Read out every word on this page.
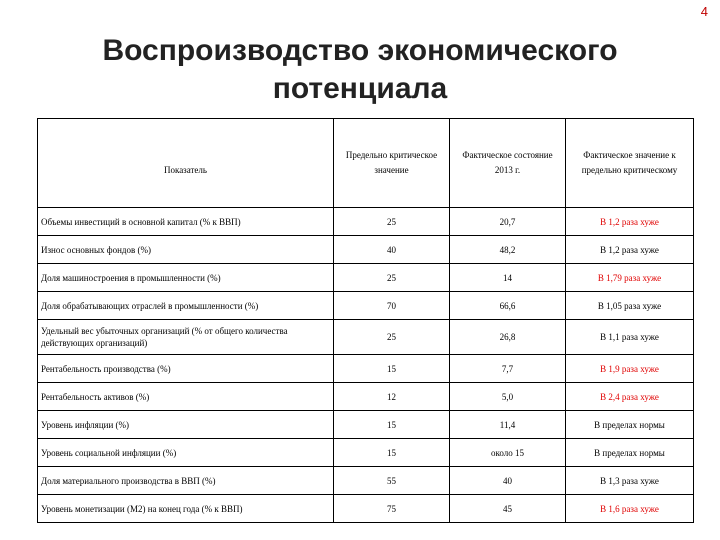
4
Воспроизводство экономического
потенциала
Показатель	Предельно критическое значение	Фактическое состояние 2013 г.	Фактическое значение к предельно критическому
Объемы инвестиций в основной капитал (% к ВВП)	25	20,7	В 1,2 раза хуже
Износ основных фондов (%)	40	48,2	В 1,2 раза хуже
Доля машиностроения в промышленности (%)	25	14	В 1,79 раза хуже
Доля обрабатывающих отраслей в промышленности (%)	70	66,6	В 1,05 раза хуже
Удельный вес убыточных организаций (% от общего количества действующих организаций)	25	26,8	В 1,1 раза хуже
Рентабельность производства (%)	15	7,7	В 1,9 раза хуже
Рентабельность активов (%)	12	5,0	В 2,4 раза хуже
Уровень инфляции (%)	15	11,4	В пределах нормы
Уровень социальной инфляции (%)	15	около 15	В пределах нормы
Доля материального производства в ВВП (%)	55	40	В 1,3 раза хуже
Уровень монетизации (М2) на конец года (% к ВВП)	75	45	В 1,6 раза хуже
